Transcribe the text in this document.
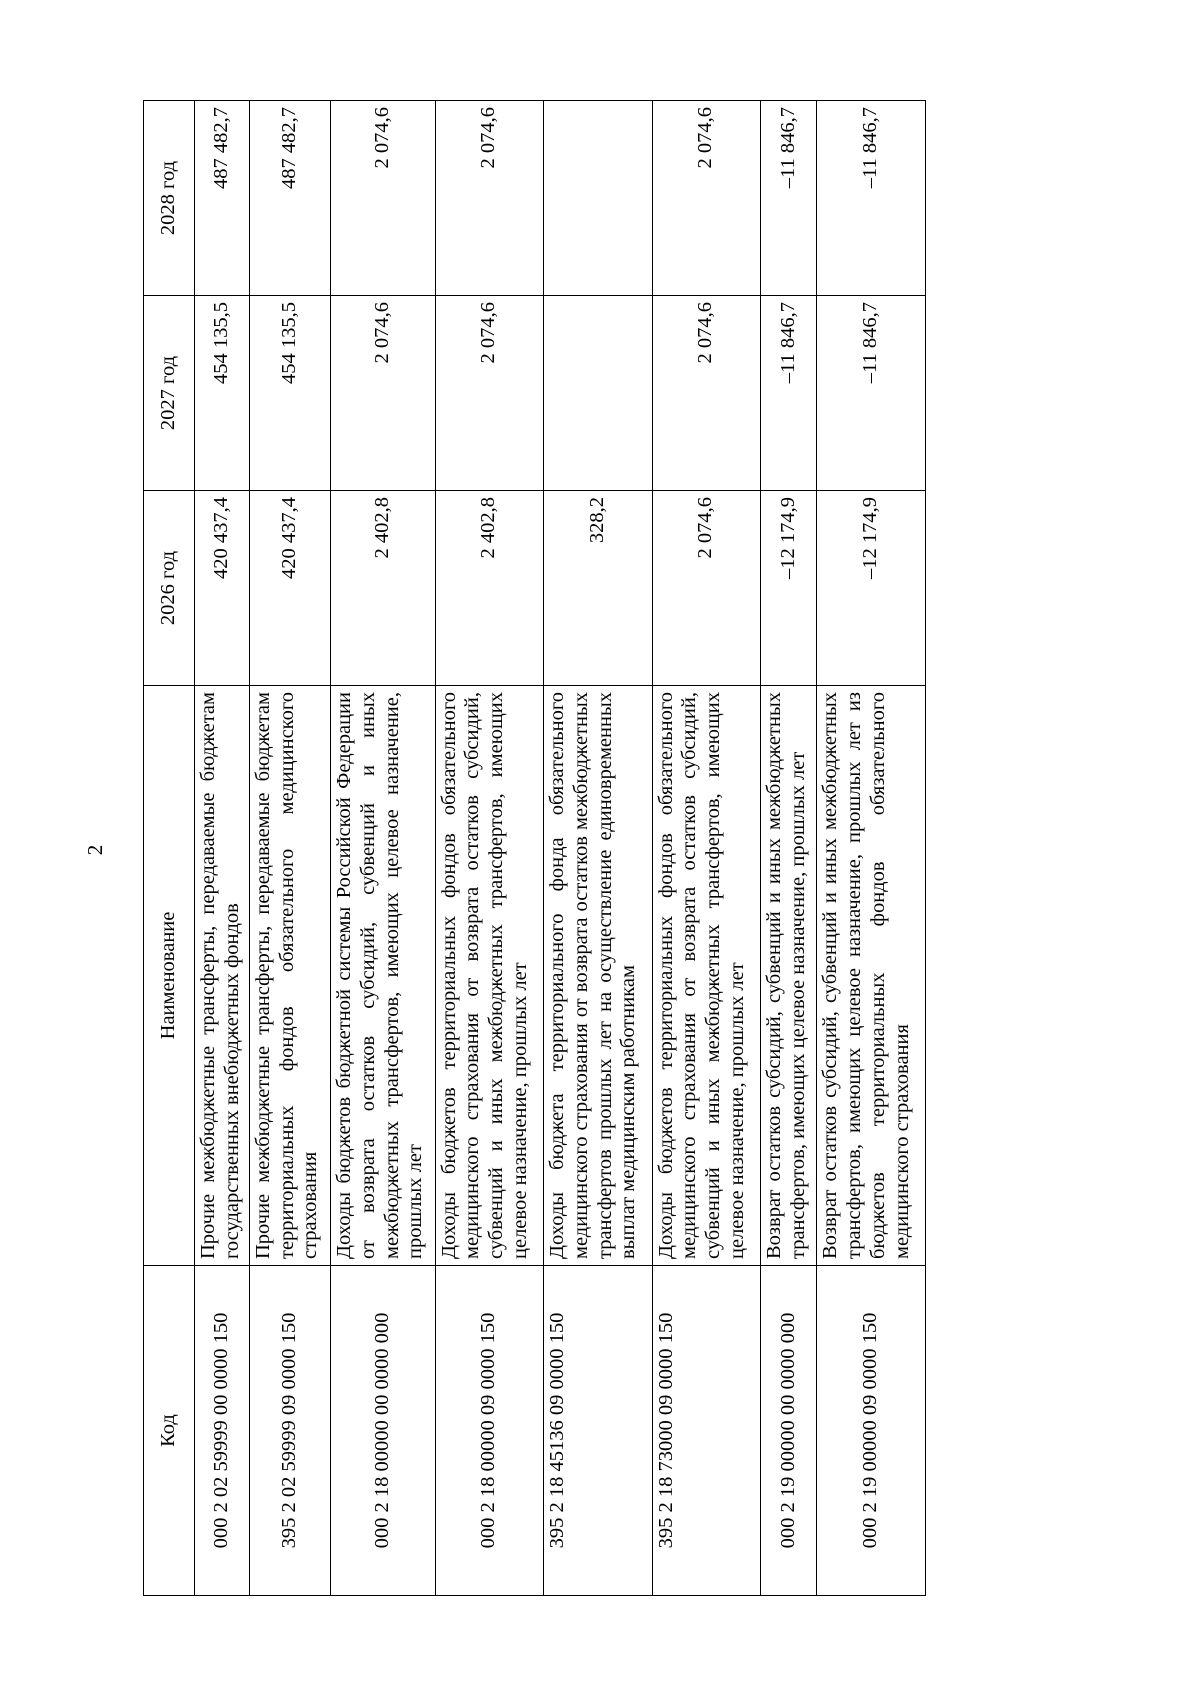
2
Код	Наименование	2026 год	2027 год	2028 год
000 2 02 59999 00 0000 150	Прочие межбюджетные трансферты, передаваемые бюджетам государственных внебюджетных фондов	420 437,4	454 135,5	487 482,7
395 2 02 59999 09 0000 150	Прочие межбюджетные трансферты, передаваемые бюджетам территориальных фондов обязательного медицинского страхования	420 437,4	454 135,5	487 482,7
000 2 18 00000 00 0000 000	Доходы бюджетов бюджетной системы Российской Федерации от возврата остатков субсидий, субвенций и иных межбюджетных трансфертов, имеющих целевое назначение, прошлых лет	2 402,8	2 074,6	2 074,6
000 2 18 00000 09 0000 150	Доходы бюджетов территориальных фондов обязательного медицинского страхования от возврата остатков субсидий, субвенций и иных межбюджетных трансфертов, имеющих целевое назначение, прошлых лет	2 402,8	2 074,6	2 074,6
395 2 18 45136 09 0000 150	Доходы бюджета территориального фонда обязательного медицинского страхования от возврата остатков межбюджетных трансфертов прошлых лет на осуществление единовременных выплат медицинским работникам	328,2		
395 2 18 73000 09 0000 150	Доходы бюджетов территориальных фондов обязательного медицинского страхования от возврата остатков субсидий, субвенций и иных межбюджетных трансфертов, имеющих целевое назначение, прошлых лет	2 074,6	2 074,6	2 074,6
000 2 19 00000 00 0000 000	Возврат остатков субсидий, субвенций и иных межбюджетных трансфертов, имеющих целевое назначение, прошлых лет	–12 174,9	–11 846,7	–11 846,7
000 2 19 00000 09 0000 150	Возврат остатков субсидий, субвенций и иных межбюджетных трансфертов, имеющих целевое назначение, прошлых лет из бюджетов территориальных фондов обязательного медицинского страхования	–12 174,9	–11 846,7	–11 846,7
